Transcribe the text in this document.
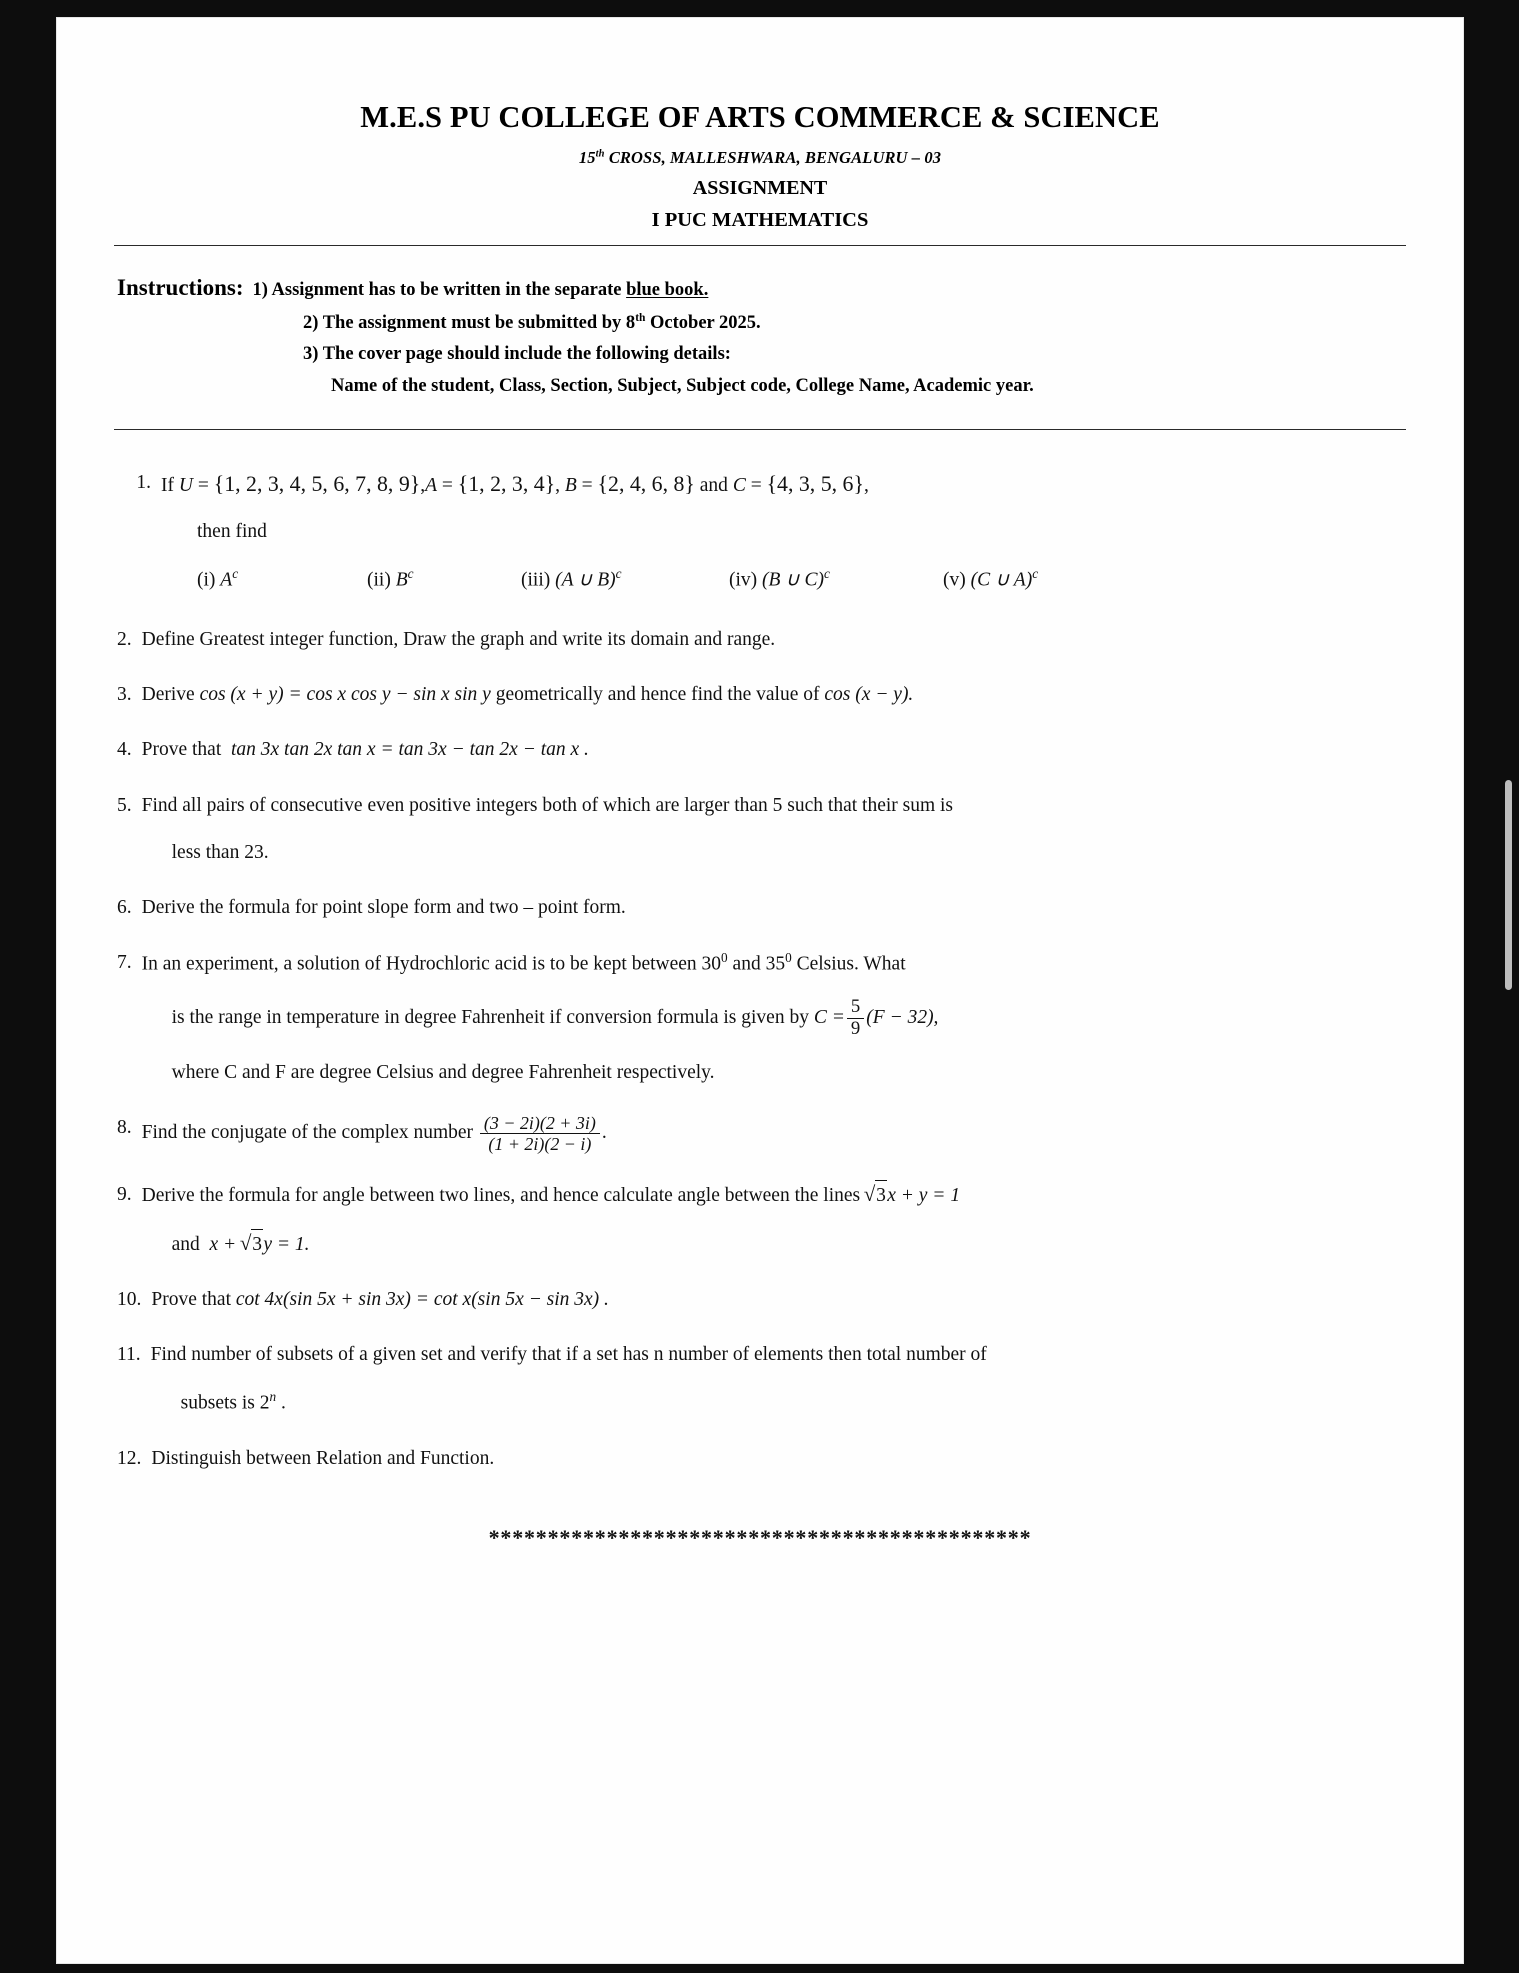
M.E.S PU COLLEGE OF ARTS COMMERCE & SCIENCE
15th CROSS, MALLESHWARA, BENGALURU – 03
ASSIGNMENT
I PUC MATHEMATICS
Instructions: 1) Assignment has to be written in the separate blue book.
2) The assignment must be submitted by 8th October 2025.
3) The cover page should include the following details:
Name of the student, Class, Section, Subject, Subject code, College Name, Academic year.
1. If U = {1, 2, 3, 4, 5, 6, 7, 8, 9},A = {1, 2, 3, 4}, B = {2, 4, 6, 8} and C = {4, 3, 5, 6},
then find
(i) $A^c$	(ii) $B^c$	(iii) (A ∪ B)$^c$	(iv) (B ∪ C)$^c$	(v) (C ∪ A)$^c$
2. Define Greatest integer function, Draw the graph and write its domain and range.
3. Derive cos (x + y) = cos x cos y − sin x sin y geometrically and hence find the value of cos (x − y).
4. Prove that tan 3x tan 2x tan x = tan 3x − tan 2x − tan x .
5. Find all pairs of consecutive even positive integers both of which are larger than 5 such that their sum is
less than 23.
6. Derive the formula for point slope form and two – point form.
7. In an experiment, a solution of Hydrochloric acid is to be kept between $30^0$ and $35^0$ Celsius. What
is the range in temperature in degree Fahrenheit if conversion formula is given by $C = \frac{5}{9} (F - 32)$,
where C and F are degree Celsius and degree Fahrenheit respectively.
8. Find the conjugate of the complex number $\frac{(3 - 2i)(2 + 3i)}{(1 + 2i)(2 - i)}$ .
9. Derive the formula for angle between two lines, and hence calculate angle between the lines √ 3x + y = 1
and x + √ 3y = 1.
10. Prove that cot 4x(sin 5x + sin 3x) = cot x(sin 5x − sin 3x) .
11. Find number of subsets of a given set and verify that if a set has n number of elements then total number of
subsets is 2$^n$ .
12. Distinguish between Relation and Function.
**********************************************
